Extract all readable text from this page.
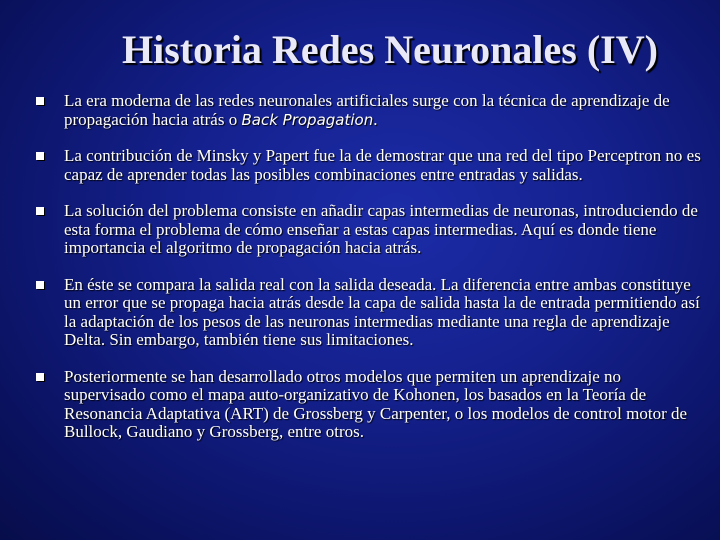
Historia Redes Neuronales (IV)
La era moderna de las redes neuronales artificiales surge con la técnica de aprendizaje de propagación hacia atrás o Back Propagation.
La contribución de Minsky y Papert fue la de demostrar que una red del tipo Perceptron no es capaz de aprender todas las posibles combinaciones entre entradas y salidas.
La solución del problema consiste en añadir capas intermedias de neuronas, introduciendo de esta forma el problema de cómo enseñar a estas capas intermedias. Aquí es donde tiene importancia el algoritmo de propagación hacia atrás.
En éste se compara la salida real con la salida deseada. La diferencia entre ambas constituye un error que se propaga hacia atrás desde la capa de salida hasta la de entrada permitiendo así la adaptación de los pesos de las neuronas intermedias mediante una regla de aprendizaje Delta. Sin embargo, también tiene sus limitaciones.
Posteriormente se han desarrollado otros modelos que permiten un aprendizaje no supervisado como el mapa auto-organizativo de Kohonen, los basados en la Teoría de Resonancia Adaptativa (ART) de Grossberg y Carpenter, o los modelos de control motor de Bullock, Gaudiano y Grossberg, entre otros.
